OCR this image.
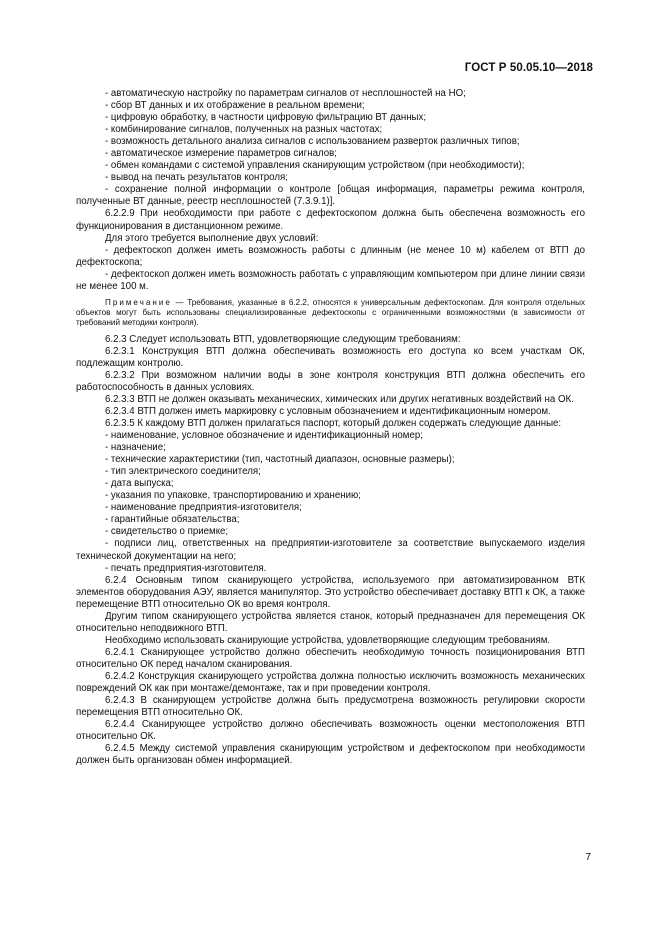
ГОСТ Р 50.05.10—2018

- автоматическую настройку по параметрам сигналов от несплошностей на НО;

- сбор ВТ данных и их отображение в реальном времени;

- цифровую обработку, в частности цифровую фильтрацию ВТ данных;

- комбинирование сигналов, полученных на разных частотах;

- возможность детального анализа сигналов с использованием разверток различных типов;

- автоматическое измерение параметров сигналов;

- обмен командами с системой управления сканирующим устройством (при необходимости);

- вывод на печать результатов контроля;

- сохранение полной информации о контроле [общая информация, параметры режима контроля, полученные ВТ данные, реестр несплошностей (7.3.9.1)].

6.2.2.9 При необходимости при работе с дефектоскопом должна быть обеспечена возможность его функционирования в дистанционном режиме.

Для этого требуется выполнение двух условий:

- дефектоскоп должен иметь возможность работы с длинным (не менее 10 м) кабелем от ВТП до дефектоскопа;

- дефектоскоп должен иметь возможность работать с управляющим компьютером при длине линии связи не менее 100 м.

Примечание — Требования, указанные в 6.2.2, относятся к универсальным дефектоскопам. Для контроля отдельных объектов могут быть использованы специализированные дефектоскопы с ограниченными возможностями (в зависимости от требований методики контроля).

6.2.3 Следует использовать ВТП, удовлетворяющие следующим требованиям:

6.2.3.1 Конструкция ВТП должна обеспечивать возможность его доступа ко всем участкам ОК, подлежащим контролю.

6.2.3.2 При возможном наличии воды в зоне контроля конструкция ВТП должна обеспечить его работоспособность в данных условиях.

6.2.3.3 ВТП не должен оказывать механических, химических или других негативных воздействий на ОК.

6.2.3.4 ВТП должен иметь маркировку с условным обозначением и идентификационным номером.

6.2.3.5 К каждому ВТП должен прилагаться паспорт, который должен содержать следующие данные:

- наименование, условное обозначение и идентификационный номер;

- назначение;

- технические характеристики (тип, частотный диапазон, основные размеры);

- тип электрического соединителя;

- дата выпуска;

- указания по упаковке, транспортированию и хранению;

- наименование предприятия-изготовителя;

- гарантийные обязательства;

- свидетельство о приемке;

- подписи лиц, ответственных на предприятии-изготовителе за соответствие выпускаемого изделия технической документации на него;

- печать предприятия-изготовителя.

6.2.4 Основным типом сканирующего устройства, используемого при автоматизированном ВТК элементов оборудования АЭУ, является манипулятор. Это устройство обеспечивает доставку ВТП к ОК, а также перемещение ВТП относительно ОК во время контроля.

Другим типом сканирующего устройства является станок, который предназначен для перемещения ОК относительно неподвижного ВТП.

Необходимо использовать сканирующие устройства, удовлетворяющие следующим требованиям.

6.2.4.1 Сканирующее устройство должно обеспечить необходимую точность позиционирования ВТП относительно ОК перед началом сканирования.

6.2.4.2 Конструкция сканирующего устройства должна полностью исключить возможность механических повреждений ОК как при монтаже/демонтаже, так и при проведении контроля.

6.2.4.3 В сканирующем устройстве должна быть предусмотрена возможность регулировки скорости перемещения ВТП относительно ОК.

6.2.4.4 Сканирующее устройство должно обеспечивать возможность оценки местоположения ВТП относительно ОК.

6.2.4.5 Между системой управления сканирующим устройством и дефектоскопом при необходимости должен быть организован обмен информацией.

7
